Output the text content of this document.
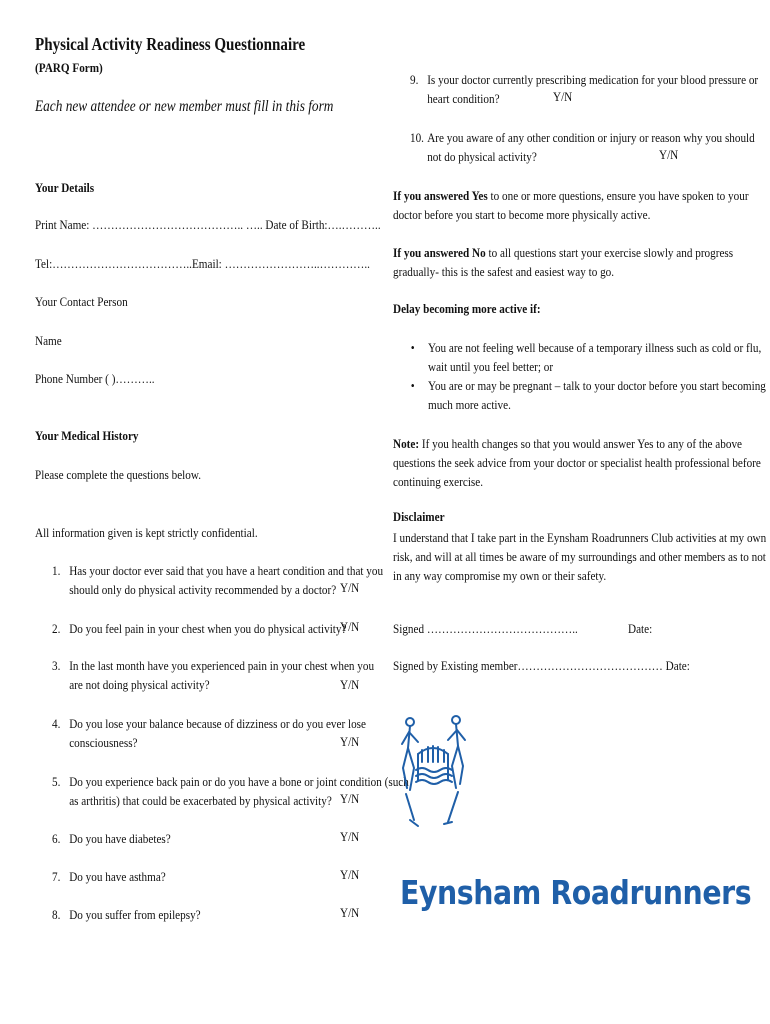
Physical Activity Readiness Questionnaire
(PARQ Form)
Each new attendee or new member must fill in this form
Your Details
Print Name: ………………………………….. ….. Date of Birth:….………..
Tel:………………………………..Email: ……………………..…………..
Your Contact Person
Name
Phone Number ( )………..
Your Medical History
Please complete the questions below.
All information given is kept strictly confidential.
1. Has your doctor ever said that you have a heart condition and that you
should only do physical activity recommended by a doctor? Y/N
2. Do you feel pain in your chest when you do physical activity?
Y/N
3. In the last month have you experienced pain in your chest when you
are not doing physical activity?	Y/N
4. Do you lose your balance because of dizziness or do you ever lose
consciousness?	Y/N
5. Do you experience back pain or do you have a bone or joint condition (such
as arthritis) that could be exacerbated by physical activity? Y/N
6. Do you have diabetes?	Y/N
7. Do you have asthma?	Y/N
8. Do you suffer from epilepsy?	Y/N
9. Is your doctor currently prescribing medication for your blood pressure or
heart condition?	Y/N
10. Are you aware of any other condition or injury or reason why you should
not do physical activity?	Y/N
If you answered Yes to one or more questions, ensure you have spoken to your
doctor before you start to become more physically active.
If you answered No to all questions start your exercise slowly and progress
gradually- this is the safest and easiest way to go.
Delay becoming more active if:
• You are not feeling well because of a temporary illness such as cold or flu,
wait until you feel better; or
• You are or may be pregnant – talk to your doctor before you start becoming
much more active.
Note: If you health changes so that you would answer Yes to any of the above
questions the seek advice from your doctor or specialist health professional before
continuing exercise.
Disclaimer
I understand that I take part in the Eynsham Roadrunners Club activities at my own
risk, and will at all times be aware of my surroundings and other members as to not
in any way compromise my own or their safety.
Signed …………………………………..	Date:
Signed by Existing member………………………………… Date:
Eynsham Roadrunners
